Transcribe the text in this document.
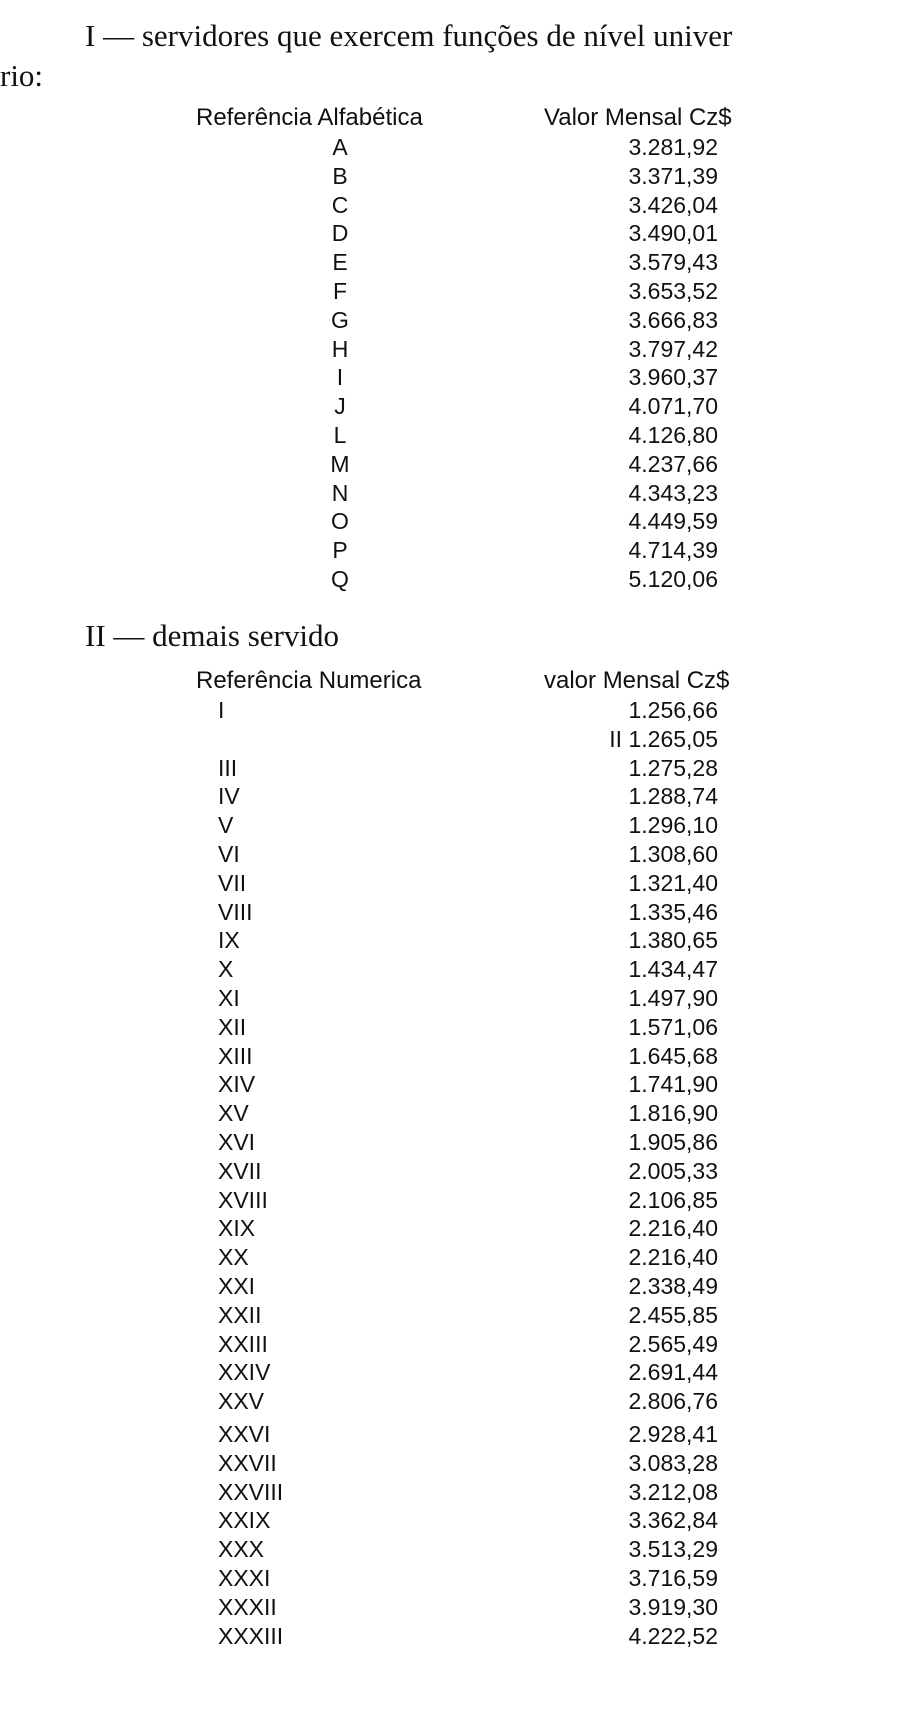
I — servidores que exercem funções de nível univer
rio:
Referência Alfabética	Valor Mensal Cz$
A
B
C
D
E
F
G
H
I
J
L
M
N
O
P
Q
3.281,92
3.371,39
3.426,04
3.490,01
3.579,43
3.653,52
3.666,83
3.797,42
3.960,37
4.071,70
4.126,80
4.237,66
4.343,23
4.449,59
4.714,39
5.120,06
II — demais servido
Referência Numerica	valor Mensal Cz$
I
III
IV
V
VI
VII
VIII
IX
X
XI
XII
XIII
XIV
XV
XVI
XVII
XVIII
XIX
XX
XXI
XXII
XXIII
XXIV
XXV
XXVI
XXVII
XXVIII
XXIX
XXX
XXXI
XXXII
XXXIII
1.256,66
II 1.265,05
1.275,28
1.288,74
1.296,10
1.308,60
1.321,40
1.335,46
1.380,65
1.434,47
1.497,90
1.571,06
1.645,68
1.741,90
1.816,90
1.905,86
2.005,33
2.106,85
2.216,40
2.216,40
2.338,49
2.455,85
2.565,49
2.691,44
2.806,76
2.928,41
3.083,28
3.212,08
3.362,84
3.513,29
3.716,59
3.919,30
4.222,52
